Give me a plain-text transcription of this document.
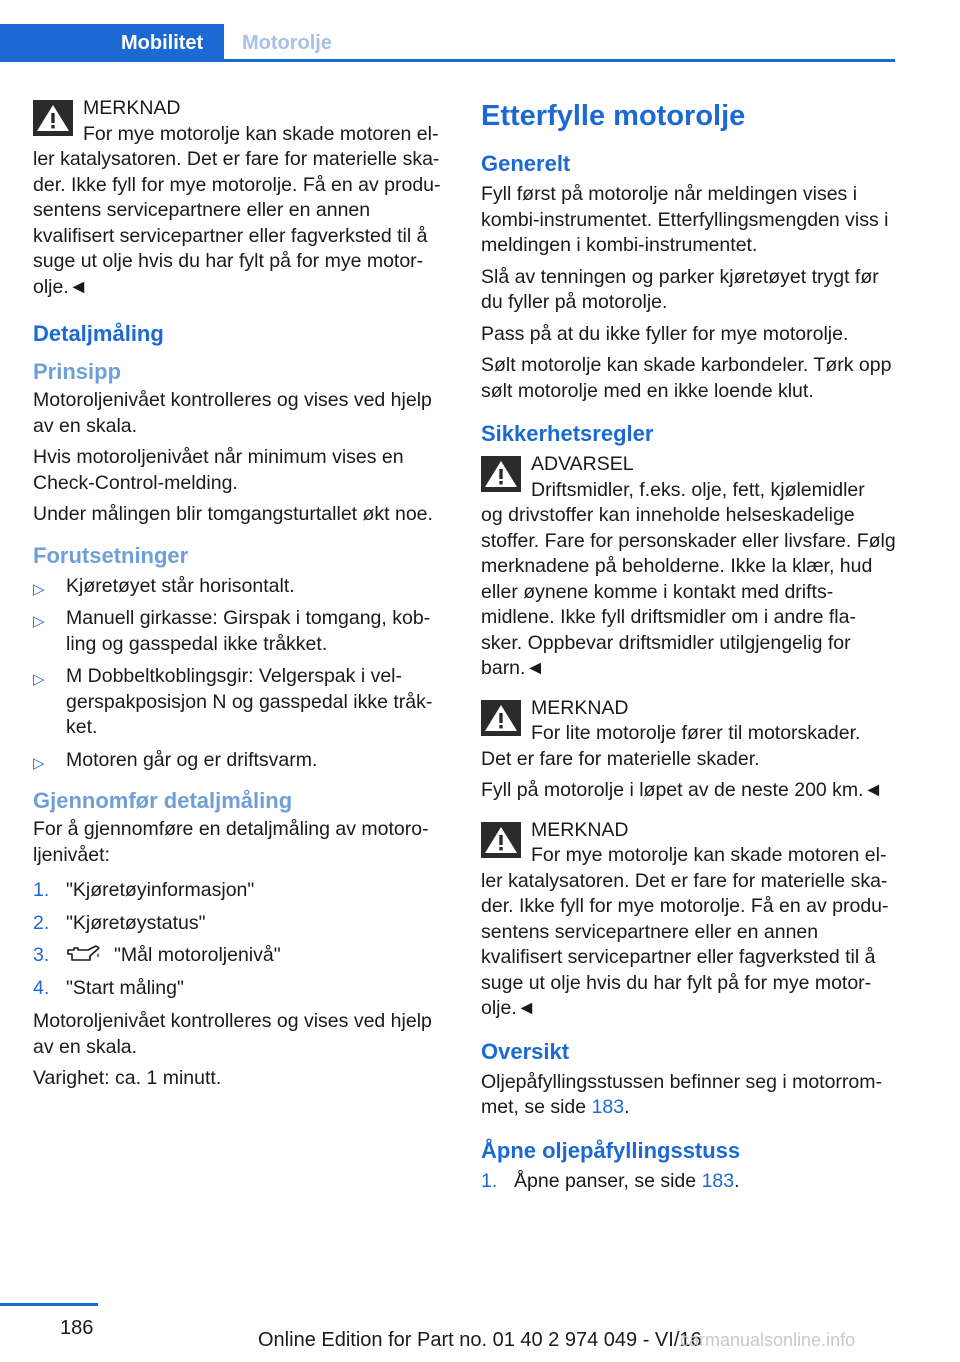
Mobilitet	Motorolje
MERKNAD
For mye motorolje kan skade motoren el-

ler katalysatoren. Det er fare for materielle ska- der. Ikke fyll for mye motorolje. Få en av produ- sentens servicepartnere eller en annen kvalifisert servicepartner eller fagverksted til å suge ut olje hvis du har fylt på for mye motor- olje.◄

Detaljmåling
Prinsipp

Motoroljenivået kontrolleres og vises ved hjelp av en skala.

Hvis motoroljenivået når minimum vises en Check-Control-melding.

Under målingen blir tomgangsturtallet økt noe.

Forutsetninger
▷ Kjøretøyet står horisontalt.
▷ Manuell girkasse: Girspak i tomgang, kob- ling og gasspedal ikke tråkket.
▷ M Dobbeltkoblingsgir: Velgerspak i vel- gerspakposisjon N og gasspedal ikke tråk- ket.
▷ Motoren går og er driftsvarm.
Gjennomfør detaljmåling

For å gjennomføre en detaljmåling av motoro- ljenivået:

1. "Kjøretøyinformasjon"
2. "Kjøretøystatus"
3.	"Mål motoroljenivå"
4. "Start måling"

Motoroljenivået kontrolleres og vises ved hjelp av en skala.

Varighet: ca. 1 minutt.

Etterfylle motorolje
Generelt

Fyll først på motorolje når meldingen vises i kombi-instrumentet. Etterfyllingsmengden viss i meldingen i kombi-instrumentet.

Slå av tenningen og parker kjøretøyet trygt før du fyller på motorolje.

Pass på at du ikke fyller for mye motorolje.

Sølt motorolje kan skade karbondeler. Tørk opp sølt motorolje med en ikke loende klut.

Sikkerhetsregler
ADVARSEL
Driftsmidler, f.eks. olje, fett, kjølemidler

og drivstoffer kan inneholde helseskadelige stoffer. Fare for personskader eller livsfare. Følg merknadene på beholderne. Ikke la klær, hud eller øynene komme i kontakt med drifts- midlene. Ikke fyll driftsmidler om i andre fla- sker. Oppbevar driftsmidler utilgjengelig for barn.◄

MERKNAD
For lite motorolje fører til motorskader.

Det er fare for materielle skader.

Fyll på motorolje i løpet av de neste 200 km.◄

MERKNAD
For mye motorolje kan skade motoren el-

ler katalysatoren. Det er fare for materielle ska- der. Ikke fyll for mye motorolje. Få en av produ- sentens servicepartnere eller en annen kvalifisert servicepartner eller fagverksted til å suge ut olje hvis du har fylt på for mye motor- olje.◄

Oversikt

Oljepåfyllingsstussen befinner seg i motorrom- met, se side 183.

Åpne oljepåfyllingsstuss
1. Åpne panser, se side 183.
186
Online Edition for Part no. 01 40 2 974 049 - VI/16
carmanualsonline.info
